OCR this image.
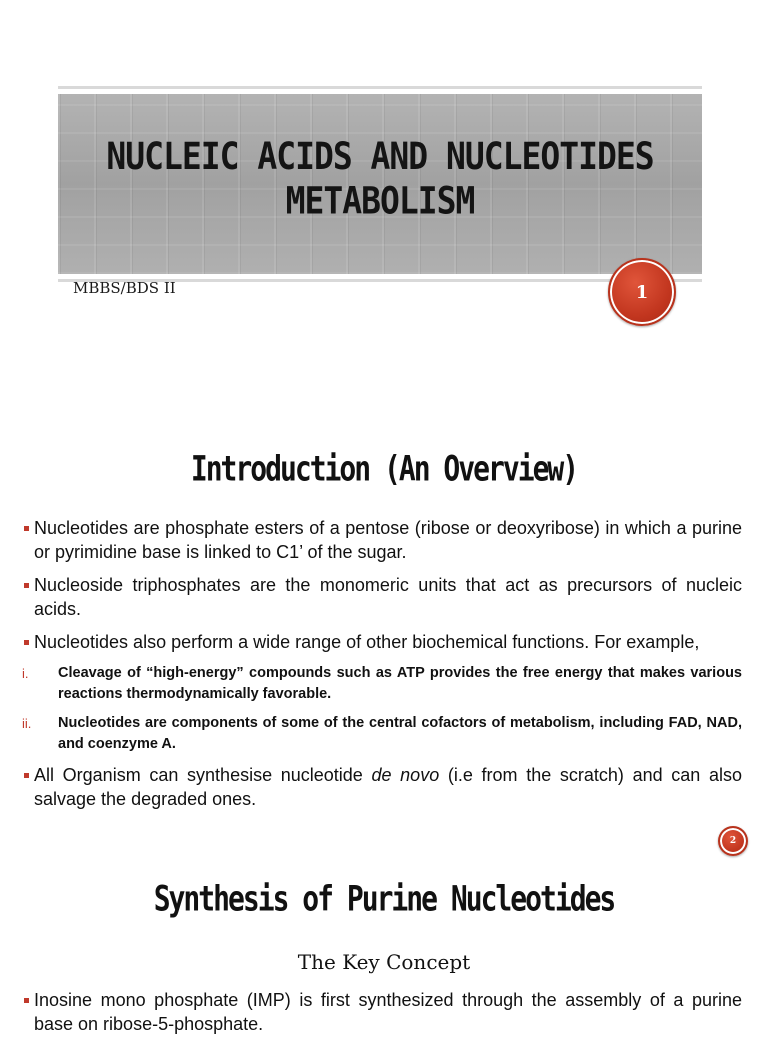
NUCLEIC ACIDS AND NUCLEOTIDES
METABOLISM
MBBS/BDS II	1
Introduction (An Overview)
Nucleotides are phosphate esters of a pentose (ribose or deoxyribose) in which a purine or pyrimidine base is linked to C1’ of the sugar.
Nucleoside triphosphates are the monomeric units that act as precursors of nucleic acids.
Nucleotides also perform a wide range of other biochemical functions. For example,
i. Cleavage of “high-energy” compounds such as ATP provides the free energy that makes various reactions thermodynamically favorable.
ii. Nucleotides are components of some of the central cofactors of metabolism, including FAD, NAD, and coenzyme A.
All Organism can synthesise nucleotide de novo (i.e from the scratch) and can also salvage the degraded ones.
2
Synthesis of Purine Nucleotides
The Key Concept
Inosine mono phosphate (IMP) is first synthesized through the assembly of a purine base on ribose-5-phosphate.
